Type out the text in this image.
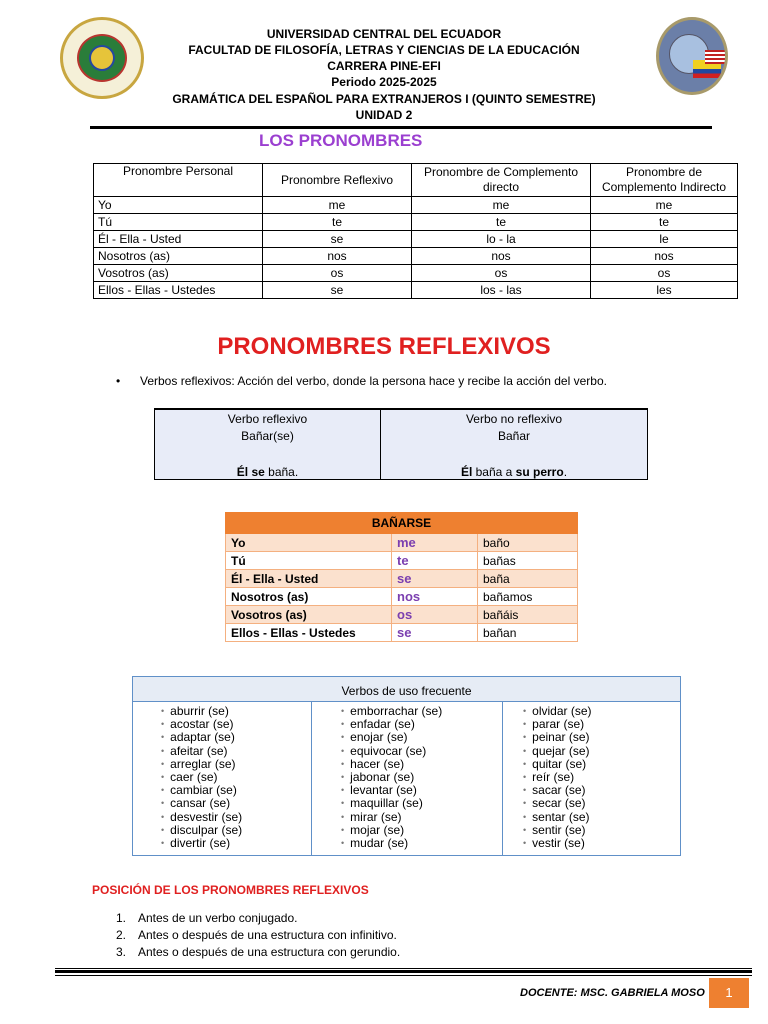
UNIVERSIDAD CENTRAL DEL ECUADOR
FACULTAD DE FILOSOFÍA, LETRAS Y CIENCIAS DE LA EDUCACIÓN
CARRERA PINE-EFI
Periodo 2025-2025
GRAMÁTICA DEL ESPAÑOL PARA EXTRANJEROS I (QUINTO SEMESTRE)
UNIDAD 2
LOS PRONOMBRES
Pronombre Personal	Pronombre Reflexivo	Pronombre de Complemento directo	Pronombre de Complemento Indirecto
Yo	me	me	me
Tú	te	te	te
Él - Ella - Usted	se	lo - la	le
Nosotros (as)	nos	nos	nos
Vosotros (as)	os	os	os
Ellos - Ellas - Ustedes	se	los - las	les
PRONOMBRES REFLEXIVOS
• Verbos reflexivos: Acción del verbo, donde la persona hace y recibe la acción del verbo.
Verbo reflexivo
Bañar(se)
Él se baña.
Verbo no reflexivo
Bañar
Él baña a su perro.
BAÑARSE		
Yo	me	baño
Tú	te	bañas
Él - Ella - Usted	se	baña
Nosotros (as)	nos	bañamos
Vosotros (as)	os	bañáis
Ellos - Ellas - Ustedes	se	bañan
Verbos de uso frecuente
• aburrir (se)
• acostar (se)
• adaptar (se)
• afeitar (se)
• arreglar (se)
• caer (se)
• cambiar (se)
• cansar (se)
• desvestir (se)
• disculpar (se)
• divertir (se)
• emborrachar (se)
• enfadar (se)
• enojar (se)
• equivocar (se)
• hacer (se)
• jabonar (se)
• levantar (se)
• maquillar (se)
• mirar (se)
• mojar (se)
• mudar (se)
• olvidar (se)
• parar (se)
• peinar (se)
• quejar (se)
• quitar (se)
• reír (se)
• sacar (se)
• secar (se)
• sentar (se)
• sentir (se)
• vestir (se)
POSICIÓN DE LOS PRONOMBRES REFLEXIVOS
1. Antes de un verbo conjugado.
2. Antes o después de una estructura con infinitivo.
3. Antes o después de una estructura con gerundio.
DOCENTE: MSC. GABRIELA MOSO	1
